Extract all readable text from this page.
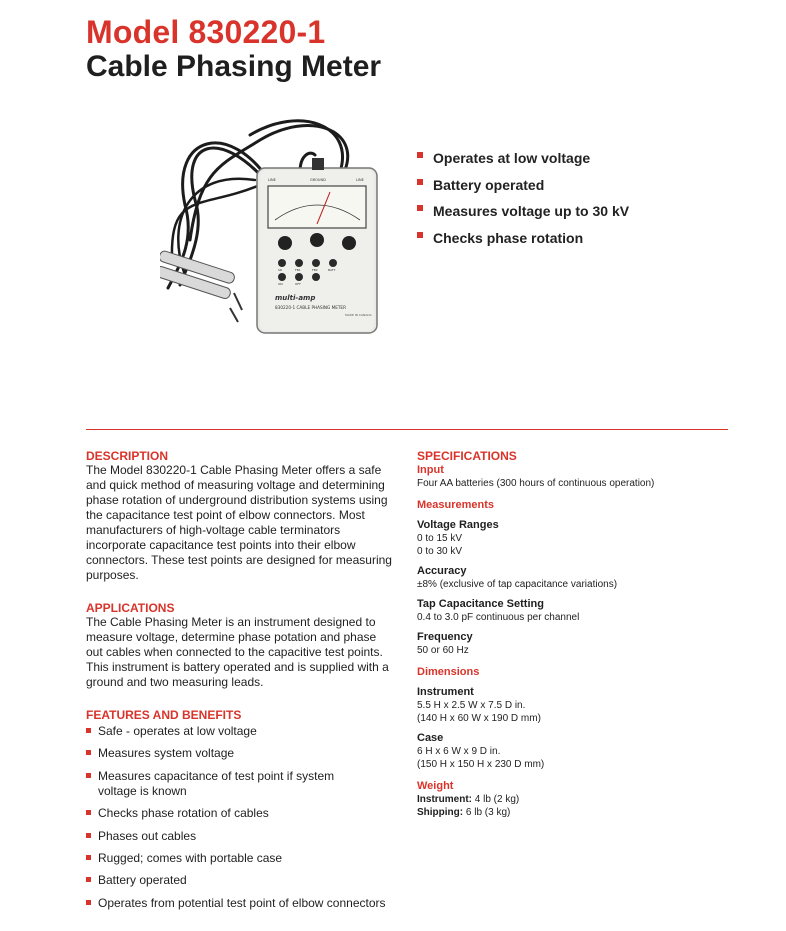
Model 830220-1
Cable Phasing Meter
multi-amp
830220-1 CABLE PHASING METER
MADE IN CANADA
LINE	GROUND	LINE
SR	FB1	FB2	BATT
ON	OFF
Operates at low voltage
Battery operated
Measures voltage up to 30 kV
Checks phase rotation
DESCRIPTION

The Model 830220-1 Cable Phasing Meter offers a safe and quick method of measuring voltage and determining phase rotation of underground distribution systems using the capacitance test point of elbow connectors. Most manufacturers of high-voltage cable terminators incorporate capacitance test points into their elbow connectors. These test points are designed for measuring purposes.

APPLICATIONS

The Cable Phasing Meter is an instrument designed to measure voltage, determine phase potation and phase out cables when connected to the capacitive test points. This instrument is battery operated and is supplied with a ground and two measuring leads.

FEATURES AND BENEFITS
Safe - operates at low voltage
Measures system voltage
Measures capacitance of test point if system voltage is known
Checks phase rotation of cables
Phases out cables
Rugged; comes with portable case
Battery operated
Operates from potential test point of elbow connectors
SPECIFICATIONS
Input
Four AA batteries (300 hours of continuous operation)
Measurements
Voltage Ranges
0 to 15 kV
0 to 30 kV
Accuracy
±8% (exclusive of tap capacitance variations)
Tap Capacitance Setting
0.4 to 3.0 pF continuous per channel
Frequency
50 or 60 Hz
Dimensions
Instrument
5.5 H x 2.5 W x 7.5 D in.
(140 H x 60 W x 190 D mm)
Case
6 H x 6 W x 9 D in.
(150 H x 150 H x 230 D mm)
Weight
Instrument: 4 lb (2 kg)
Shipping: 6 lb (3 kg)
